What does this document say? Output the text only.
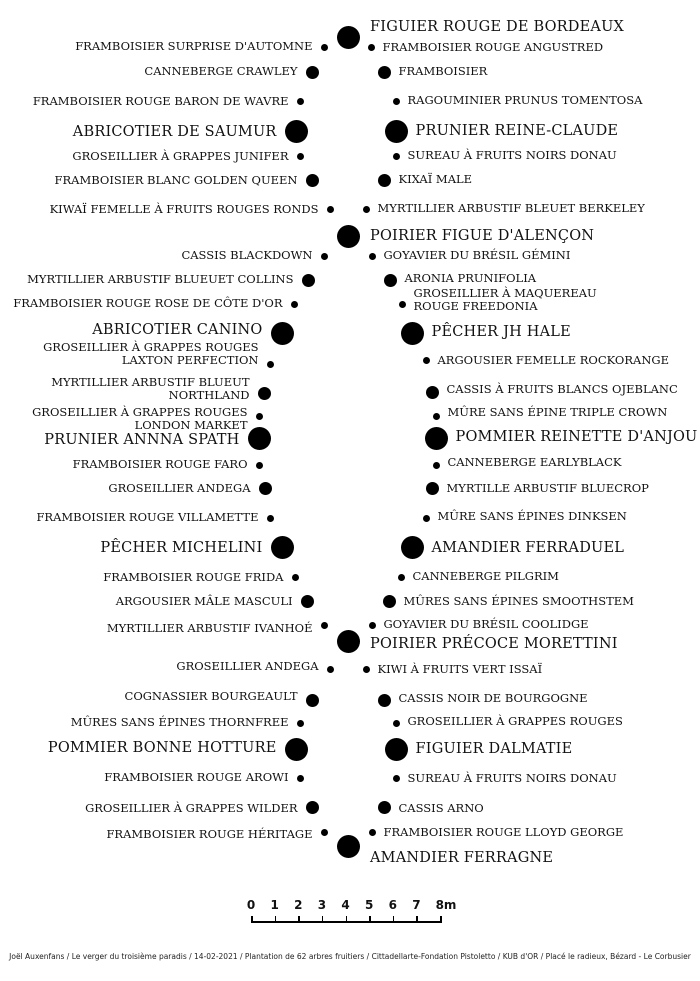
FRAMBOISIER SURPRISE D'AUTOMNE
CANNEBERGE CRAWLEY
FRAMBOISIER ROUGE BARON DE WAVRE
ABRICOTIER DE SAUMUR
GROSEILLIER À GRAPPES JUNIFER
FRAMBOISIER BLANC GOLDEN QUEEN
KIWAÏ FEMELLE À FRUITS ROUGES RONDS
CASSIS BLACKDOWN
MYRTILLIER ARBUSTIF BLUEUET COLLINS
FRAMBOISIER ROUGE ROSE DE CÔTE D'OR
ABRICOTIER CANINO
GROSEILLIER À GRAPPES ROUGES
LAXTON PERFECTION
MYRTILLIER ARBUSTIF BLUEUT
NORTHLAND
GROSEILLIER À GRAPPES ROUGES
LONDON MARKET
PRUNIER ANNNA SPATH
FRAMBOISIER ROUGE FARO
GROSEILLIER ANDEGA
FRAMBOISIER ROUGE VILLAMETTE
PÊCHER MICHELINI
FRAMBOISIER ROUGE FRIDA
ARGOUSIER MÂLE MASCULI
MYRTILLIER ARBUSTIF IVANHOÉ
GROSEILLIER ANDEGA
COGNASSIER BOURGEAULT
MÛRES SANS ÉPINES THORNFREE
POMMIER BONNE HOTTURE
FRAMBOISIER ROUGE AROWI
GROSEILLIER À GRAPPES WILDER
FRAMBOISIER ROUGE HÉRITAGE
FRAMBOISIER ROUGE ANGUSTRED
FRAMBOISIER
RAGOUMINIER PRUNUS TOMENTOSA
PRUNIER REINE-CLAUDE
SUREAU À FRUITS NOIRS DONAU
KIXAÏ MALE
MYRTILLIER ARBUSTIF BLEUET BERKELEY
GOYAVIER DU BRÉSIL GÉMINI
ARONIA PRUNIFOLIA
GROSEILLIER À MAQUEREAU
ROUGE FREEDONIA
PÊCHER JH HALE
ARGOUSIER FEMELLE ROCKORANGE
CASSIS À FRUITS BLANCS OJEBLANC
MÛRE SANS ÉPINE TRIPLE CROWN
POMMIER REINETTE D'ANJOU
CANNEBERGE EARLYBLACK
MYRTILLE ARBUSTIF BLUECROP
MÛRE SANS ÉPINES DINKSEN
AMANDIER FERRADUEL
CANNEBERGE PILGRIM
MÛRES SANS ÉPINES SMOOTHSTEM
GOYAVIER DU BRÉSIL COOLIDGE
KIWI À FRUITS VERT ISSAÏ
CASSIS NOIR DE BOURGOGNE
GROSEILLIER À GRAPPES ROUGES
FIGUIER DALMATIE
SUREAU À FRUITS NOIRS DONAU
CASSIS ARNO
FRAMBOISIER ROUGE LLOYD GEORGE
FIGUIER ROUGE DE BORDEAUX
POIRIER FIGUE D'ALENÇON
POIRIER PRÉCOCE MORETTINI
AMANDIER FERRAGNE
0 1 2 3 4 5 6 7 8m
Joël Auxenfans / Le verger du troisième paradis / 14-02-2021 / Plantation de 62 arbres fruitiers / Cittadellarte-Fondation Pistoletto / KUB d'OR / Placé le radieux, Bézard - Le Corbusier
